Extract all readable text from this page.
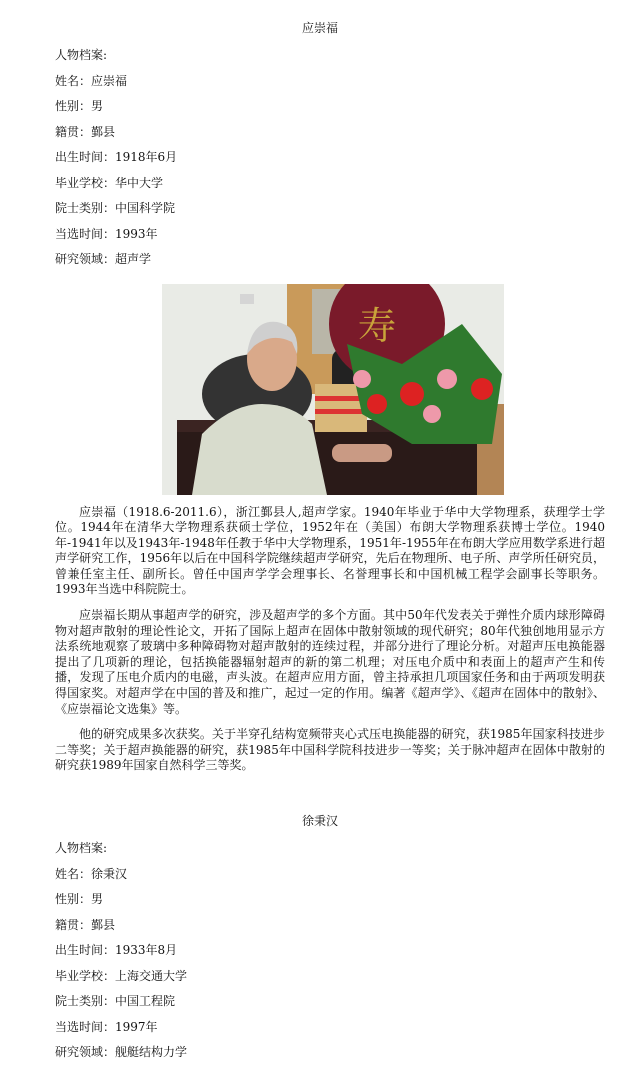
应崇福
人物档案:
姓名：应崇福
性别：男
籍贯：鄞县
出生时间：1918年6月
毕业学校：华中大学
院士类别：中国科学院
当选时间：1993年
研究领域：超声学
寿

应崇福（1918.6-2011.6），浙江鄞县人,超声学家。1940年毕业于华中大学物理系，获理学士学位。1944年在清华大学物理系获硕士学位，1952年在（美国）布朗大学物理系获博士学位。1940年-1941年以及1943年-1948年任教于华中大学物理系，1951年-1955年在布朗大学应用数学系进行超声学研究工作，1956年以后在中国科学院继续超声学研究，先后在物理所、电子所、声学所任研究员，曾兼任室主任、副所长。曾任中国声学学会理事长、名誉理事长和中国机械工程学会副事长等职务。1993年当选中科院院士。

应崇福长期从事超声学的研究，涉及超声学的多个方面。其中50年代发表关于弹性介质内球形障碍物对超声散射的理论性论文，开拓了国际上超声在固体中散射领域的现代研究；80年代独创地用显示方法系统地观察了玻璃中多种障碍物对超声散射的连续过程，并部分进行了理论分析。对超声压电换能器提出了几项新的理论，包括换能器辐射超声的新的第二机理；对压电介质中和表面上的超声产生和传播，发现了压电介质内的电磁，声头波。在超声应用方面，曾主持承担几项国家任务和由于两项发明获得国家奖。对超声学在中国的普及和推广，起过一定的作用。编著《超声学》、《超声在固体中的散射》、《应崇福论文选集》等。

他的研究成果多次获奖。关于半穿孔结构宽频带夹心式压电换能器的研究，获1985年国家科技进步二等奖；关于超声换能器的研究，获1985年中国科学院科技进步一等奖；关于脉冲超声在固体中散射的研究获1989年国家自然科学三等奖。

徐秉汉
人物档案:
姓名：徐秉汉
性别：男
籍贯：鄞县
出生时间：1933年8月
毕业学校：上海交通大学
院士类别：中国工程院
当选时间：1997年
研究领域：舰艇结构力学
